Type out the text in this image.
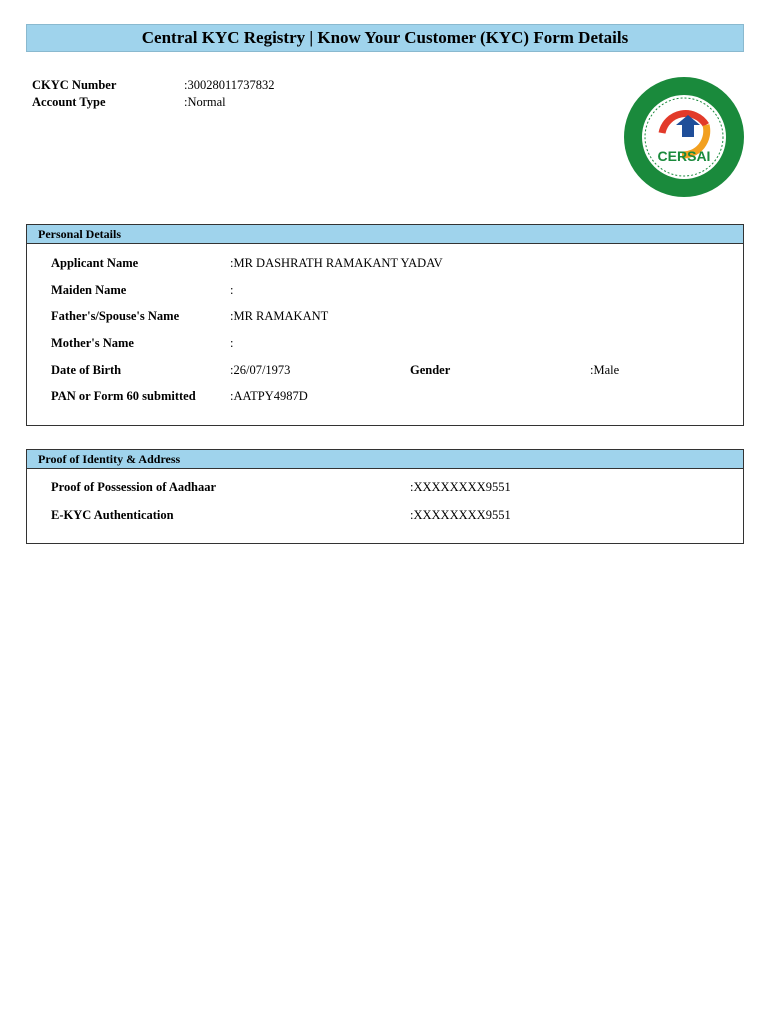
Central KYC Registry | Know Your Customer (KYC) Form Details
CKYC Number	:30028011737832
Account Type	:Normal
CERSAI
Personal Details
Applicant Name	:MR DASHRATH RAMAKANT YADAV
Maiden Name	:
Father's/Spouse's Name	:MR RAMAKANT
Mother's Name	:
Date of Birth	:26/07/1973	Gender	:Male
PAN or Form 60 submitted	:AATPY4987D
Proof of Identity & Address
Proof of Possession of Aadhaar	:XXXXXXXX9551
E-KYC Authentication	:XXXXXXXX9551
